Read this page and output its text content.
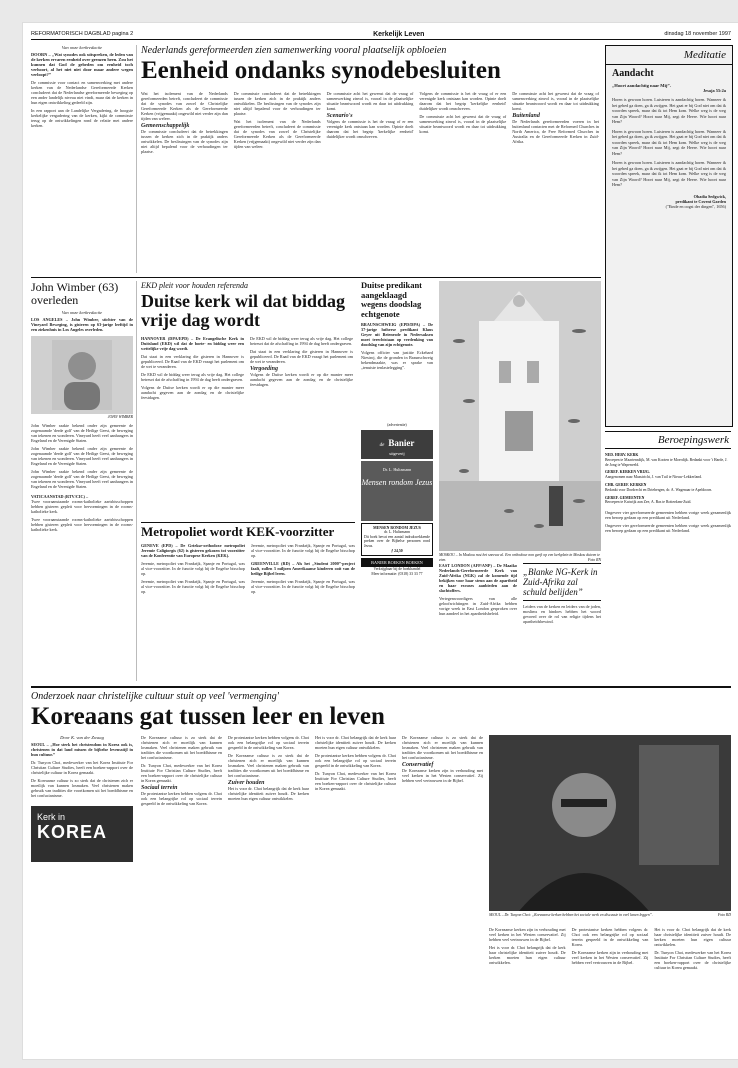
REFORMATORISCH DAGBLAD pagina 2	Kerkelijk Leven	dinsdag 18 november 1997
Van onze kerkredactie
DOORN – „Wat synodes ook uitspreken, de leden van de kerken ervaren eenheid over grenzen heen. Zou het kunnen dat God de gebeden om eenheid toch verhoort, al het niet niet door maar andere wegen verloopt?”
De commissie voor contact en samenwerking met andere kerken van de Nederlandse Gereformeerde Kerken concludeert dat de Nederlandse gereformeerde beweging op een ander landelijk niveau niet vindt, maar dat de kerken in hun eigen ontwikkeling gedeeld zijn.
In een rapport aan de Landelijke Vergadering, de hoogste kerkelijke vergadering van de kerken, kijkt de commissie terug op de ontwikkelingen rond de relatie met andere kerken.
Nederlands gereformeerden zien samenwerking vooral plaatselijk opbloeien
Eenheid ondanks synodebesluiten

Wat het isolement van de Nederlands gereformeerden betreft, concludeert de commissie dat de synodes van zowel de Christelijke Gereformeerde Kerken als de Gereformeerde Kerken (vrijgemaakt) ongewild niet verder zijn dan tijden van weleer.

Gemeenschappelijk

De commissie concludeert dat de betrekkingen tussen de kerken zich in de praktijk anders ontwikkelen. De beslissingen van de synodes zijn niet altijd bepalend voor de verhoudingen ter plaatse.

De commissie concludeert dat de betrekkingen tussen de kerken zich in de praktijk anders ontwikkelen. De beslissingen van de synodes zijn niet altijd bepalend voor de verhoudingen ter plaatse.

Wat het isolement van de Nederlands gereformeerden betreft, concludeert de commissie dat de synodes van zowel de Christelijke Gereformeerde Kerken als de Gereformeerde Kerken (vrijgemaakt) ongewild niet verder zijn dan tijden van weleer.

De commissie acht het gewenst dat de vraag of samenwerking zinvol is, vooral in de plaatselijke situatie beantwoord wordt en daar tot uitdrukking komt.

Scenario's

Volgens de commissie is het de vraag of er een verenigde kerk ontstaan kan worden. Opinie doelt daarom dat het begrip 'kerkelijke eenheid' duidelijker wordt omschreven.

Volgens de commissie is het de vraag of er een verenigde kerk ontstaan kan worden. Opinie doelt daarom dat het begrip 'kerkelijke eenheid' duidelijker wordt omschreven.

De commissie acht het gewenst dat de vraag of samenwerking zinvol is, vooral in de plaatselijke situatie beantwoord wordt en daar tot uitdrukking komt.

De commissie acht het gewenst dat de vraag of samenwerking zinvol is, vooral in de plaatselijke situatie beantwoord wordt en daar tot uitdrukking komt.

Buitenland

De Nederlands gereformeerden voeren in het buitenland contacten met de Reformed Churches in North America, de Free Reformed Churches in Australia en de Gereformeerde Kerken in Zuid-Afrika.

Meditatie
Aandacht
„Hoort aandachtig naar Mij”.
Jesaja 55:2a
Horen is gewoon horen. Luisteren is aandachtig horen. Wanneer ik het gebed ga doen, ga ik zwijgen. Het gaat er bij God niet om dat ik woorden spreek, maar dat ik tot Hem kom. Welke weg is de weg van Zijn Woord? Hoort naar Mij, zegt de Heere. Wie hoort naar Hem?
Horen is gewoon horen. Luisteren is aandachtig horen. Wanneer ik het gebed ga doen, ga ik zwijgen. Het gaat er bij God niet om dat ik woorden spreek, maar dat ik tot Hem kom. Welke weg is de weg van Zijn Woord? Hoort naar Mij, zegt de Heere. Wie hoort naar Hem?
Horen is gewoon horen. Luisteren is aandachtig horen. Wanneer ik het gebed ga doen, ga ik zwijgen. Het gaat er bij God niet om dat ik woorden spreek, maar dat ik tot Hem kom. Welke weg is de weg van Zijn Woord? Hoort naar Mij, zegt de Heere. Wie hoort naar Hem?
Obadia Sedgwick,
predikant te Covent Garden
("Einde en oogst der dingen", 1656)
John Wimber (63) overleden
Van onze kerkredactie
LOS ANGELES – John Wimber, stichter van de Vineyard Beweging, is gisteren op 63-jarige leeftijd in een ziekenhuis in Los Angeles overleden.
JOHN WIMBER
John Wimber raakte bekend onder zijn gemeente de zogenaamde 'derde golf' van de Heilige Geest, de beweging van tekenen en wonderen. Vineyard heeft veel aanhangers in Engeland en de Verenigde Staten.
John Wimber raakte bekend onder zijn gemeente de zogenaamde 'derde golf' van de Heilige Geest, de beweging van tekenen en wonderen. Vineyard heeft veel aanhangers in Engeland en de Verenigde Staten.
John Wimber raakte bekend onder zijn gemeente de zogenaamde 'derde golf' van de Heilige Geest, de beweging van tekenen en wonderen. Vineyard heeft veel aanhangers in Engeland en de Verenigde Staten.
VATICAANSTAD (RTV/CIC) –
Twee vooraanstaande rooms-katholieke aartsbisschoppen hebben gisteren gepleit voor hervormingen in de rooms-katholieke kerk.
Twee vooraanstaande rooms-katholieke aartsbisschoppen hebben gisteren gepleit voor hervormingen in de rooms-katholieke kerk.
EKD pleit voor houden referenda
Duitse kerk wil dat biddag vrije dag wordt

HANNOVER (DPA/EPD) – De Evangelische Kerk in Duitsland (EKD) wil dat de boete- en biddag weer een wettelijke vrije dag wordt.

Dat staat in een verklaring die gisteren in Hannover is gepubliceerd. De Raad van de EKD vraagt het parlement om de wet te veranderen.

De EKD wil de biddag weer terug als vrije dag. Het college betreurt dat de afschaffing in 1994 de dag heeft ondergraven.

Volgens de Duitse kerken wordt er op die manier meer aandacht gegeven aan de zondag en de christelijke feestdagen.

De EKD wil de biddag weer terug als vrije dag. Het college betreurt dat de afschaffing in 1994 de dag heeft ondergraven.

Dat staat in een verklaring die gisteren in Hannover is gepubliceerd. De Raad van de EKD vraagt het parlement om de wet te veranderen.

Vergoeding

Volgens de Duitse kerken wordt er op die manier meer aandacht gegeven aan de zondag en de christelijke feestdagen.

Duitse predikant aangeklaagd wegens doodslag echtgenote
BRAUNSCHWEIG (EPD/DPA) – De 37-jarige lutherse predikant Klaus Geyer uit Beienrode in Nedersaksen moet terechtstaan op verdenking van doodslag van zijn echtgenote.
Volgens officier van justitie Eckehard Niestroj, die de gronden in Braunschweig bekendmaakte, was er sprake van „tenuiste tenlastelegging”.
(advertentie)
de Banier
uitgeverij
Dr. L. Hultzmann
Mensen rondom Jezus
MENSEN RONDOM JEZUS
dr. L. Hultzmann
Dit boek bevat een aantal indrukwekkende preken over de Bijbelse personen rond Jezus.
ƒ 24,50
BANIER BOEKEN BOEKEN
Verkrijgbaar bij de boekhandel
Meer informatie: (0318) 33 33 77
MOSKOU – In Moskou rust het sneeuw al. Een orthodoxe non geeft op een kerkplein in Moskou duiven te eten.	Foto RN
Metropoliet wordt KEK-voorzitter

GENEVE (EPD) – De Griekse-orthodoxe metropoliet Jeremie Caligiorgis (62) is gisteren gekozen tot voorzitter van de Konferentie van Europese Kerken (KEK).

Jeremie, metropoliet van Frankrijk, Spanje en Portugal, was al vice-voorzitter. In de functie volgt hij de Engelse bisschop op.

Jeremie, metropoliet van Frankrijk, Spanje en Portugal, was al vice-voorzitter. In de functie volgt hij de Engelse bisschop op.

Jeremie, metropoliet van Frankrijk, Spanje en Portugal, was al vice-voorzitter. In de functie volgt hij de Engelse bisschop op.

GREENVILLE (RD) – Als het „Student 2000”-project faalt, zullen 3 miljoen Amerikaanse kinderen ooit van de heilige Bijbel leren.

Jeremie, metropoliet van Frankrijk, Spanje en Portugal, was al vice-voorzitter. In de functie volgt hij de Engelse bisschop op.

EAST LONDON (AFP/ANP) – De Maaiko Nederlands-Gereformeerde Kerk van Zuid-Afrika (NGK) zal de komende tijd bekijken voor haar steun aan de apartheid en haar excuses aanbieden aan de slachtoffers.

Vertegenwoordigers van alle geloofsrichtingen in Zuid-Afrika hebben vorige week in East London gesproken over hun aandeel in het apartheidsbeleid.

„Blanke NG-Kerk in Zuid-Afrika zal schuld belijden”
Leiders van de kerken en leiders van de joden, moslims en hindoes hebben het woord gevoerd over de rol van religie tijdens het apartheidsbewind.
Beroepingswerk
NED. HERV. KERK
Beroepen te Maartensdijk, M. van Kooten te Moerdijk. Bedankt voor 't Harde, J. de Jong te Wapenveld.
GEREF. KERKEN VRIJG.
Aangenomen naar Maastricht, J. van Tuil te Nieuw-Lekkerland.
CHR. GEREF. KERKEN
Bedankt voor Dordrecht en Driebergen, dr. A. Wagenaar te Apeldoorn.
GEREF. GEMEENTEN
Beroepen te Katwijk aan Zee, A. Bas te Rotterdam-Zuid.
Ongeveer vier gereformeerde gemeenten hebben vorige week gezamenlijk een beroep gedaan op een predikant uit Nederland.
Ongeveer vier gereformeerde gemeenten hebben vorige week gezamenlijk een beroep gedaan op een predikant uit Nederland.
Onderzoek naar christelijke cultuur stuit op veel 'vermenging'
Koreaans gat tussen leer en leven
Door K. van der Zwaag
SEOUL – „Hoe sterk het christendom in Korea ook is, christenen in dat land missen de bijbelse levensstijl in hun cultuur.”
Dr. Tunyon Choi, medewerker van het Korea Institute For Christian Culture Studies, heeft een boeken-rapport over de christelijke cultuur in Korea gemaakt.
De Koreaanse cultuur is zo sterk dat de christenen zich er moeilijk van kunnen losmaken. Veel christenen maken gebruik van tradities die voortkomen uit het boeddhisme en het confucianisme.
Kerk in
KOREA

De Koreaanse cultuur is zo sterk dat de christenen zich er moeilijk van kunnen losmaken. Veel christenen maken gebruik van tradities die voortkomen uit het boeddhisme en het confucianisme.

Dr. Tunyon Choi, medewerker van het Korea Institute For Christian Culture Studies, heeft een boeken-rapport over de christelijke cultuur in Korea gemaakt.

Sociaal terrein

De protestantse kerken hebben volgens dr. Choi ook een belangrijke rol op sociaal terrein gespeeld in de ontwikkeling van Korea.

De protestantse kerken hebben volgens dr. Choi ook een belangrijke rol op sociaal terrein gespeeld in de ontwikkeling van Korea.

De Koreaanse cultuur is zo sterk dat de christenen zich er moeilijk van kunnen losmaken. Veel christenen maken gebruik van tradities die voortkomen uit het boeddhisme en het confucianisme.

Zuiver houden

Het is voor dr. Choi belangrijk dat de kerk haar christelijke identiteit zuiver houdt. De kerken moeten hun eigen cultuur ontwikkelen.

Het is voor dr. Choi belangrijk dat de kerk haar christelijke identiteit zuiver houdt. De kerken moeten hun eigen cultuur ontwikkelen.

De protestantse kerken hebben volgens dr. Choi ook een belangrijke rol op sociaal terrein gespeeld in de ontwikkeling van Korea.

Dr. Tunyon Choi, medewerker van het Korea Institute For Christian Culture Studies, heeft een boeken-rapport over de christelijke cultuur in Korea gemaakt.

De Koreaanse cultuur is zo sterk dat de christenen zich er moeilijk van kunnen losmaken. Veel christenen maken gebruik van tradities die voortkomen uit het boeddhisme en het confucianisme.

Conservatief

De Koreaanse kerken zijn in verhouding met veel kerken in het Westen conservatief. Zij hebben veel vertrouwen in de Bijbel.

SEOUL – Dr. Tunyon Choi: „Koreaanse kerken hebben het sociale werk en discussie in veel lanen leggen”.	Foto RD

De Koreaanse kerken zijn in verhouding met veel kerken in het Westen conservatief. Zij hebben veel vertrouwen in de Bijbel.

Het is voor dr. Choi belangrijk dat de kerk haar christelijke identiteit zuiver houdt. De kerken moeten hun eigen cultuur ontwikkelen.

De protestantse kerken hebben volgens dr. Choi ook een belangrijke rol op sociaal terrein gespeeld in de ontwikkeling van Korea.

De Koreaanse kerken zijn in verhouding met veel kerken in het Westen conservatief. Zij hebben veel vertrouwen in de Bijbel.

Het is voor dr. Choi belangrijk dat de kerk haar christelijke identiteit zuiver houdt. De kerken moeten hun eigen cultuur ontwikkelen.

Dr. Tunyon Choi, medewerker van het Korea Institute For Christian Culture Studies, heeft een boeken-rapport over de christelijke cultuur in Korea gemaakt.
